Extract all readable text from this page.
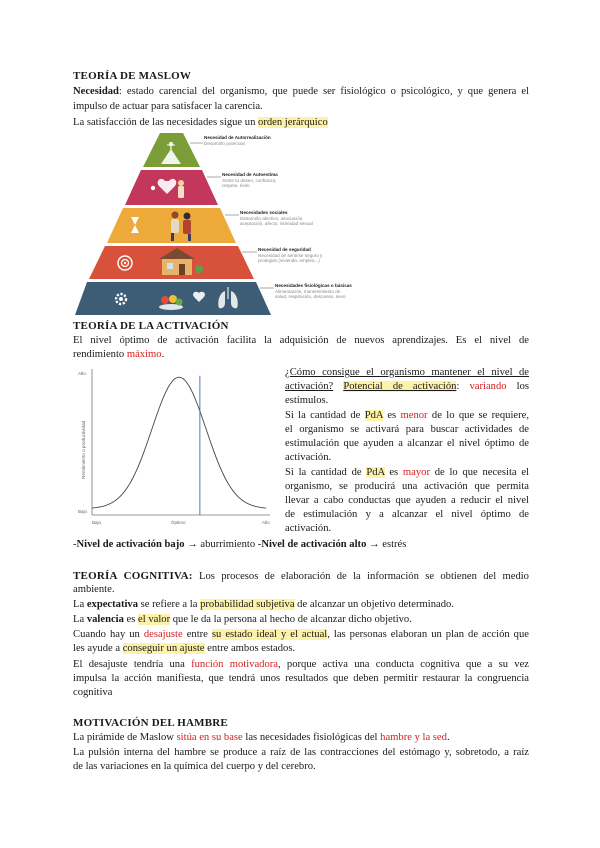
TEORÍA DE MASLOW
Necesidad: estado carencial del organismo, que puede ser fisiológico o psicológico, y que genera el
impulso de actuar para satisfacer la carencia.
La satisfacción de las necesidades sigue un orden jerárquico
Necesidad de Autorrealización
Desarrollo potencial
Necesidad de Autoestima
Sentir tu deseo, confianza,
respeto, éxito
Necesidades sociales
Desarrollo afectivo, asociación,
aceptación, afecto, intimidad sexual
Necesidad de seguridad
Necesidad de sentirse seguro y
protegido (vivienda, empleo...)
Necesidades fisiológicas o básicas
Alimentación, mantenimiento de
salud, respiración, descanso, sexo
TEORÍA DE LA ACTIVACIÓN
El nivel óptimo de activación facilita la adquisición de nuevos aprendizajes. Es el nivel de
rendimiento máximo.
Alto
Bajo
Rendimiento o productividad
Bajo	Óptimo	Alto
¿Cómo consigue el organismo mantener el nivel de
activación? Potencial de activación: variando los
estímulos.
Si la cantidad de PdA es menor de lo que se requiere,
el organismo se activará para buscar actividades de
estimulación que ayuden a alcanzar el nivel óptimo de
activación.
Si la cantidad de PdA es mayor de lo que necesita el
organismo, se producirá una activación que permita
llevar a cabo conductas que ayuden a reducir el nivel
de estimulación y a alcanzar el nivel óptimo de
activación.
-Nivel de activación bajo → aburrimiento -Nivel de activación alto → estrés
TEORÍA COGNITIVA: Los procesos de elaboración de la información se obtienen del medio
ambiente.
La expectativa se refiere a la probabilidad subjetiva de alcanzar un objetivo determinado.
La valencia es el valor que le da la persona al hecho de alcanzar dicho objetivo.
Cuando hay un desajuste entre su estado ideal y el actual, las personas elaboran un plan de acción que
les ayude a conseguir un ajuste entre ambos estados.
El desajuste tendría una función motivadora, porque activa una conducta cognitiva que a su vez
impulsa la acción manifiesta, que tendrá unos resultados que deben permitir restaurar la congruencia
cognitiva
MOTIVACIÓN DEL HAMBRE
La pirámide de Maslow sitúa en su base las necesidades fisiológicas del hambre y la sed.
La pulsión interna del hambre se produce a raíz de las contracciones del estómago y, sobretodo, a raíz
de las variaciones en la química del cuerpo y del cerebro.
